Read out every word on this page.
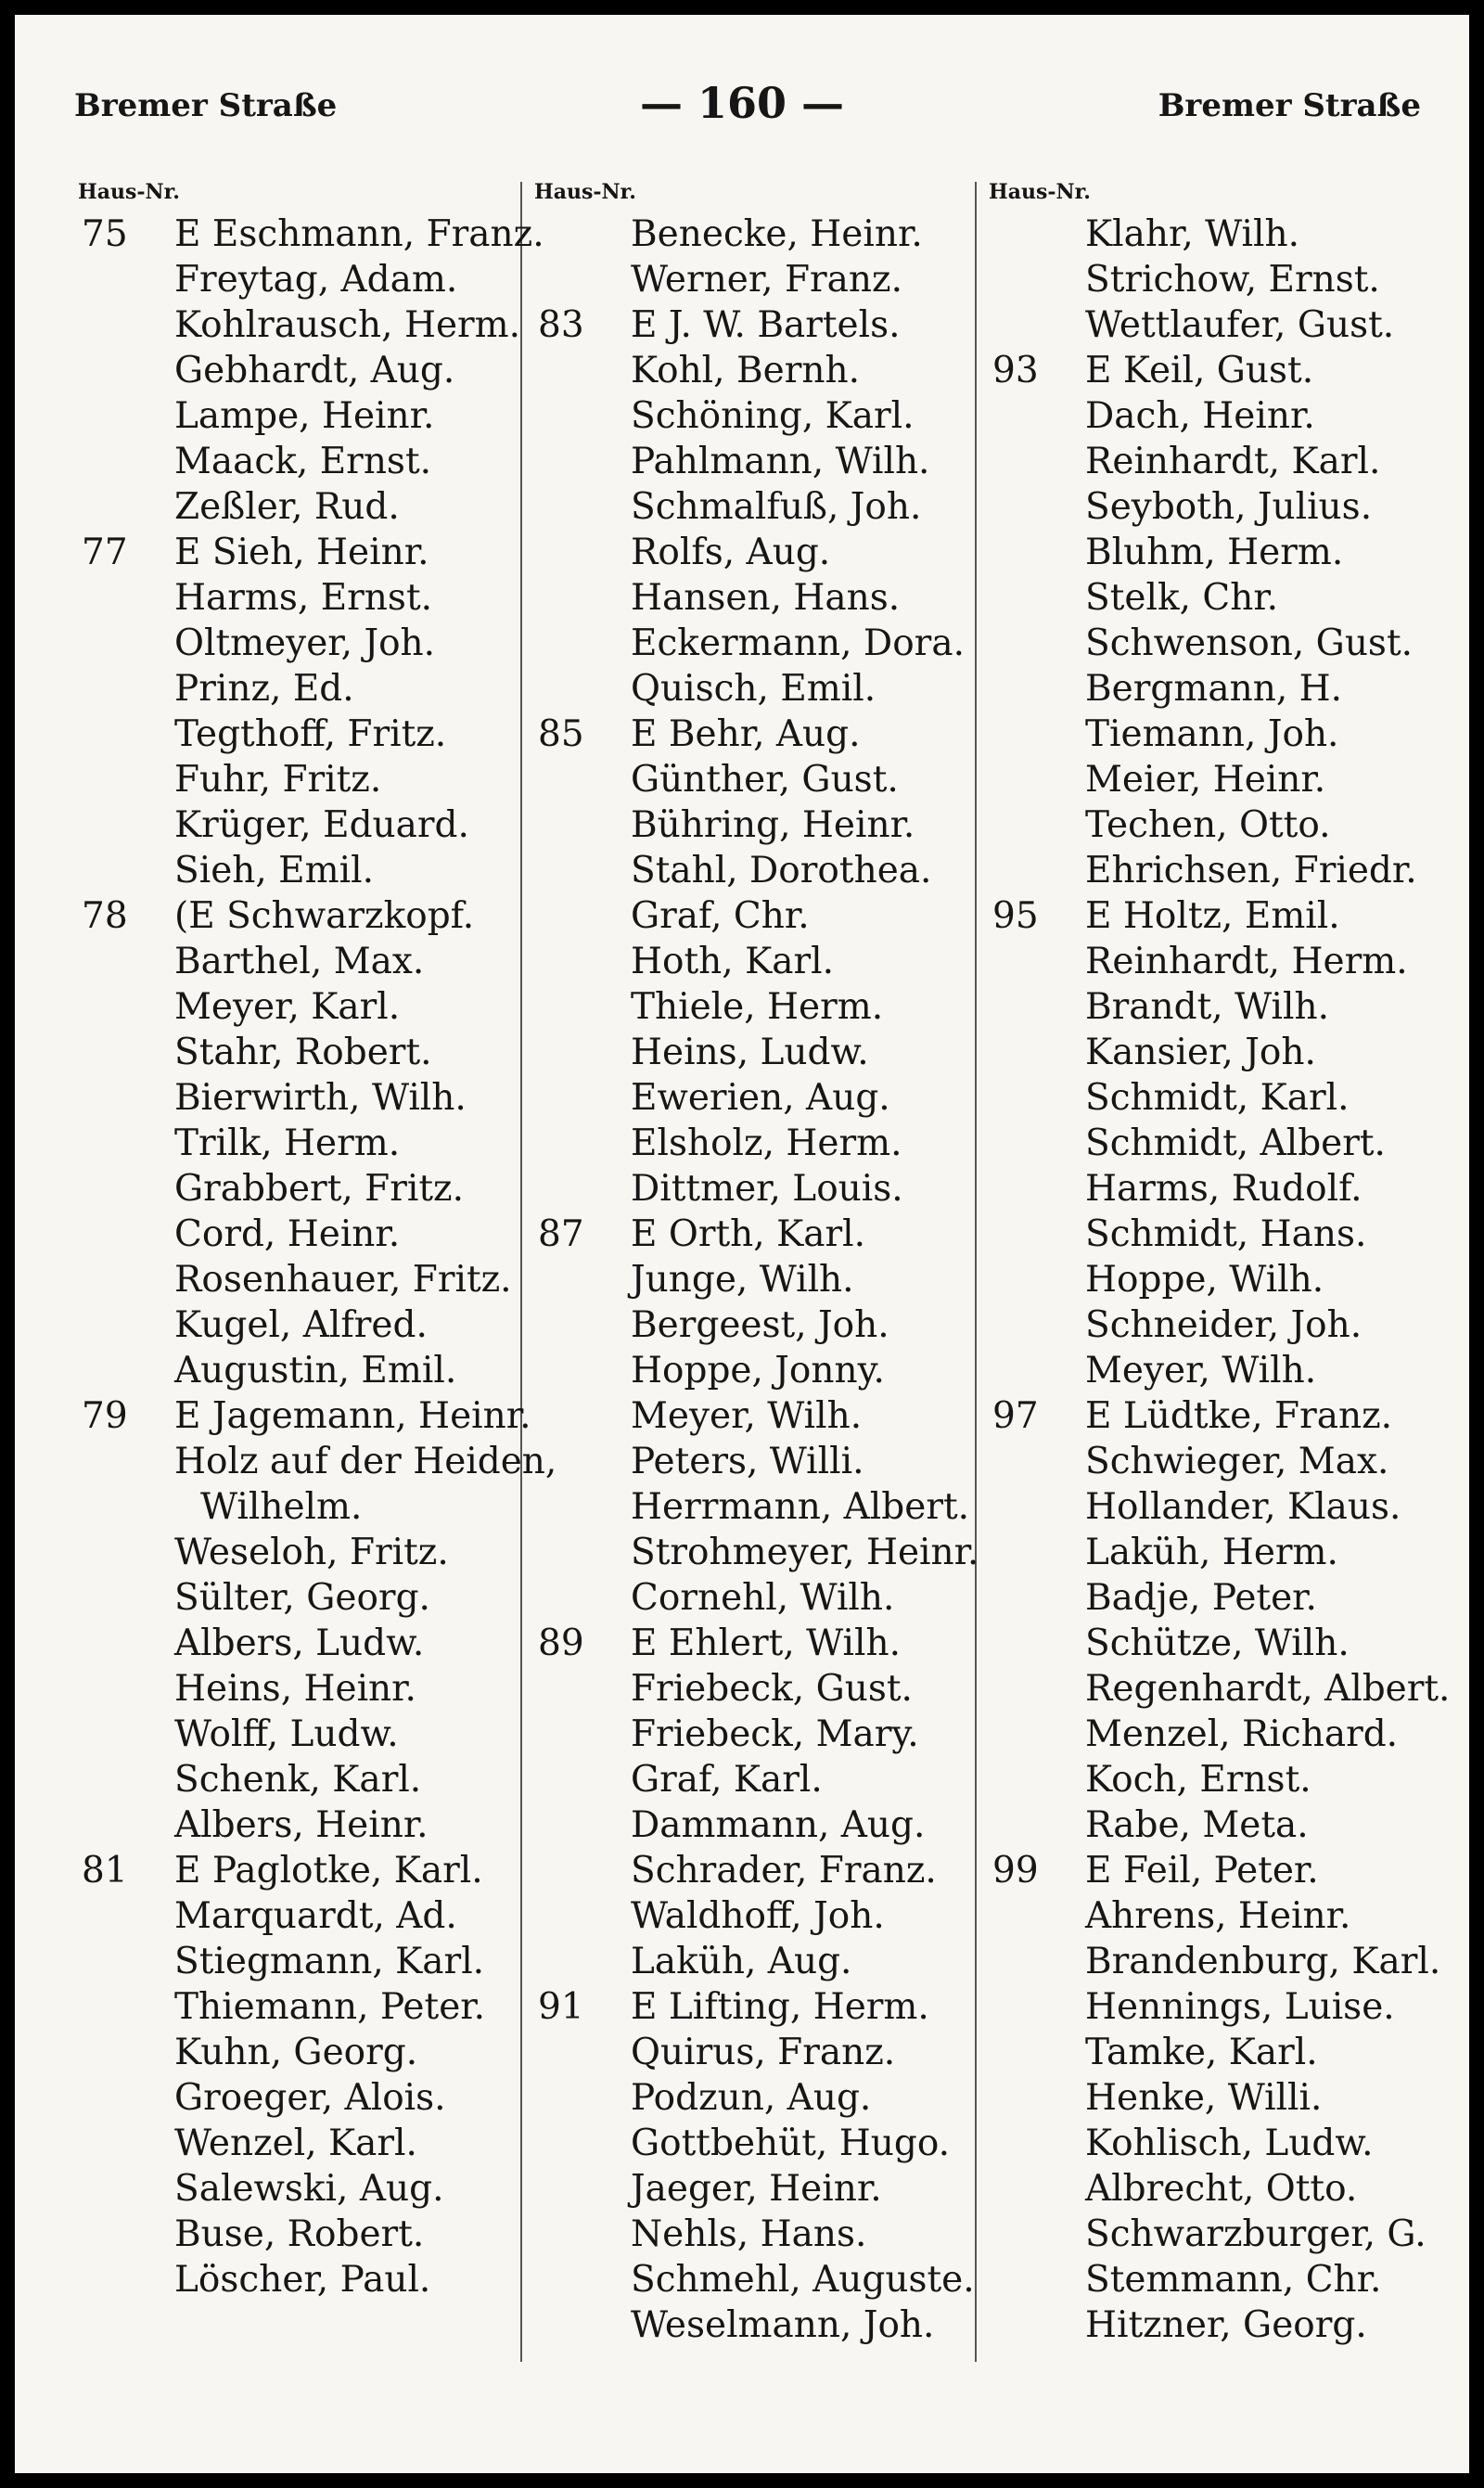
Bremer Straße	— 160 —	Bremer Straße
Haus-Nr.
75	E Eschmann, Franz.
Freytag, Adam.
Kohlrausch, Herm.
Gebhardt, Aug.
Lampe, Heinr.
Maack, Ernst.
Zeßler, Rud.
77	E Sieh, Heinr.
Harms, Ernst.
Oltmeyer, Joh.
Prinz, Ed.
Tegthoff, Fritz.
Fuhr, Fritz.
Krüger, Eduard.
Sieh, Emil.
78	(E Schwarzkopf.
Barthel, Max.
Meyer, Karl.
Stahr, Robert.
Bierwirth, Wilh.
Trilk, Herm.
Grabbert, Fritz.
Cord, Heinr.
Rosenhauer, Fritz.
Kugel, Alfred.
Augustin, Emil.
79	E Jagemann, Heinr.
Holz auf der Heiden,
Wilhelm.
Weseloh, Fritz.
Sülter, Georg.
Albers, Ludw.
Heins, Heinr.
Wolff, Ludw.
Schenk, Karl.
Albers, Heinr.
81	E Paglotke, Karl.
Marquardt, Ad.
Stiegmann, Karl.
Thiemann, Peter.
Kuhn, Georg.
Groeger, Alois.
Wenzel, Karl.
Salewski, Aug.
Buse, Robert.
Löscher, Paul.
Haus-Nr.
Benecke, Heinr.
Werner, Franz.
83	E J. W. Bartels.
Kohl, Bernh.
Schöning, Karl.
Pahlmann, Wilh.
Schmalfuß, Joh.
Rolfs, Aug.
Hansen, Hans.
Eckermann, Dora.
Quisch, Emil.
85	E Behr, Aug.
Günther, Gust.
Bühring, Heinr.
Stahl, Dorothea.
Graf, Chr.
Hoth, Karl.
Thiele, Herm.
Heins, Ludw.
Ewerien, Aug.
Elsholz, Herm.
Dittmer, Louis.
87	E Orth, Karl.
Junge, Wilh.
Bergeest, Joh.
Hoppe, Jonny.
Meyer, Wilh.
Peters, Willi.
Herrmann, Albert.
Strohmeyer, Heinr.
Cornehl, Wilh.
89	E Ehlert, Wilh.
Friebeck, Gust.
Friebeck, Mary.
Graf, Karl.
Dammann, Aug.
Schrader, Franz.
Waldhoff, Joh.
Laküh, Aug.
91	E Lifting, Herm.
Quirus, Franz.
Podzun, Aug.
Gottbehüt, Hugo.
Jaeger, Heinr.
Nehls, Hans.
Schmehl, Auguste.
Weselmann, Joh.
Haus-Nr.
Klahr, Wilh.
Strichow, Ernst.
Wettlaufer, Gust.
93	E Keil, Gust.
Dach, Heinr.
Reinhardt, Karl.
Seyboth, Julius.
Bluhm, Herm.
Stelk, Chr.
Schwenson, Gust.
Bergmann, H.
Tiemann, Joh.
Meier, Heinr.
Techen, Otto.
Ehrichsen, Friedr.
95	E Holtz, Emil.
Reinhardt, Herm.
Brandt, Wilh.
Kansier, Joh.
Schmidt, Karl.
Schmidt, Albert.
Harms, Rudolf.
Schmidt, Hans.
Hoppe, Wilh.
Schneider, Joh.
Meyer, Wilh.
97	E Lüdtke, Franz.
Schwieger, Max.
Hollander, Klaus.
Laküh, Herm.
Badje, Peter.
Schütze, Wilh.
Regenhardt, Albert.
Menzel, Richard.
Koch, Ernst.
Rabe, Meta.
99	E Feil, Peter.
Ahrens, Heinr.
Brandenburg, Karl.
Hennings, Luise.
Tamke, Karl.
Henke, Willi.
Kohlisch, Ludw.
Albrecht, Otto.
Schwarzburger, G.
Stemmann, Chr.
Hitzner, Georg.
